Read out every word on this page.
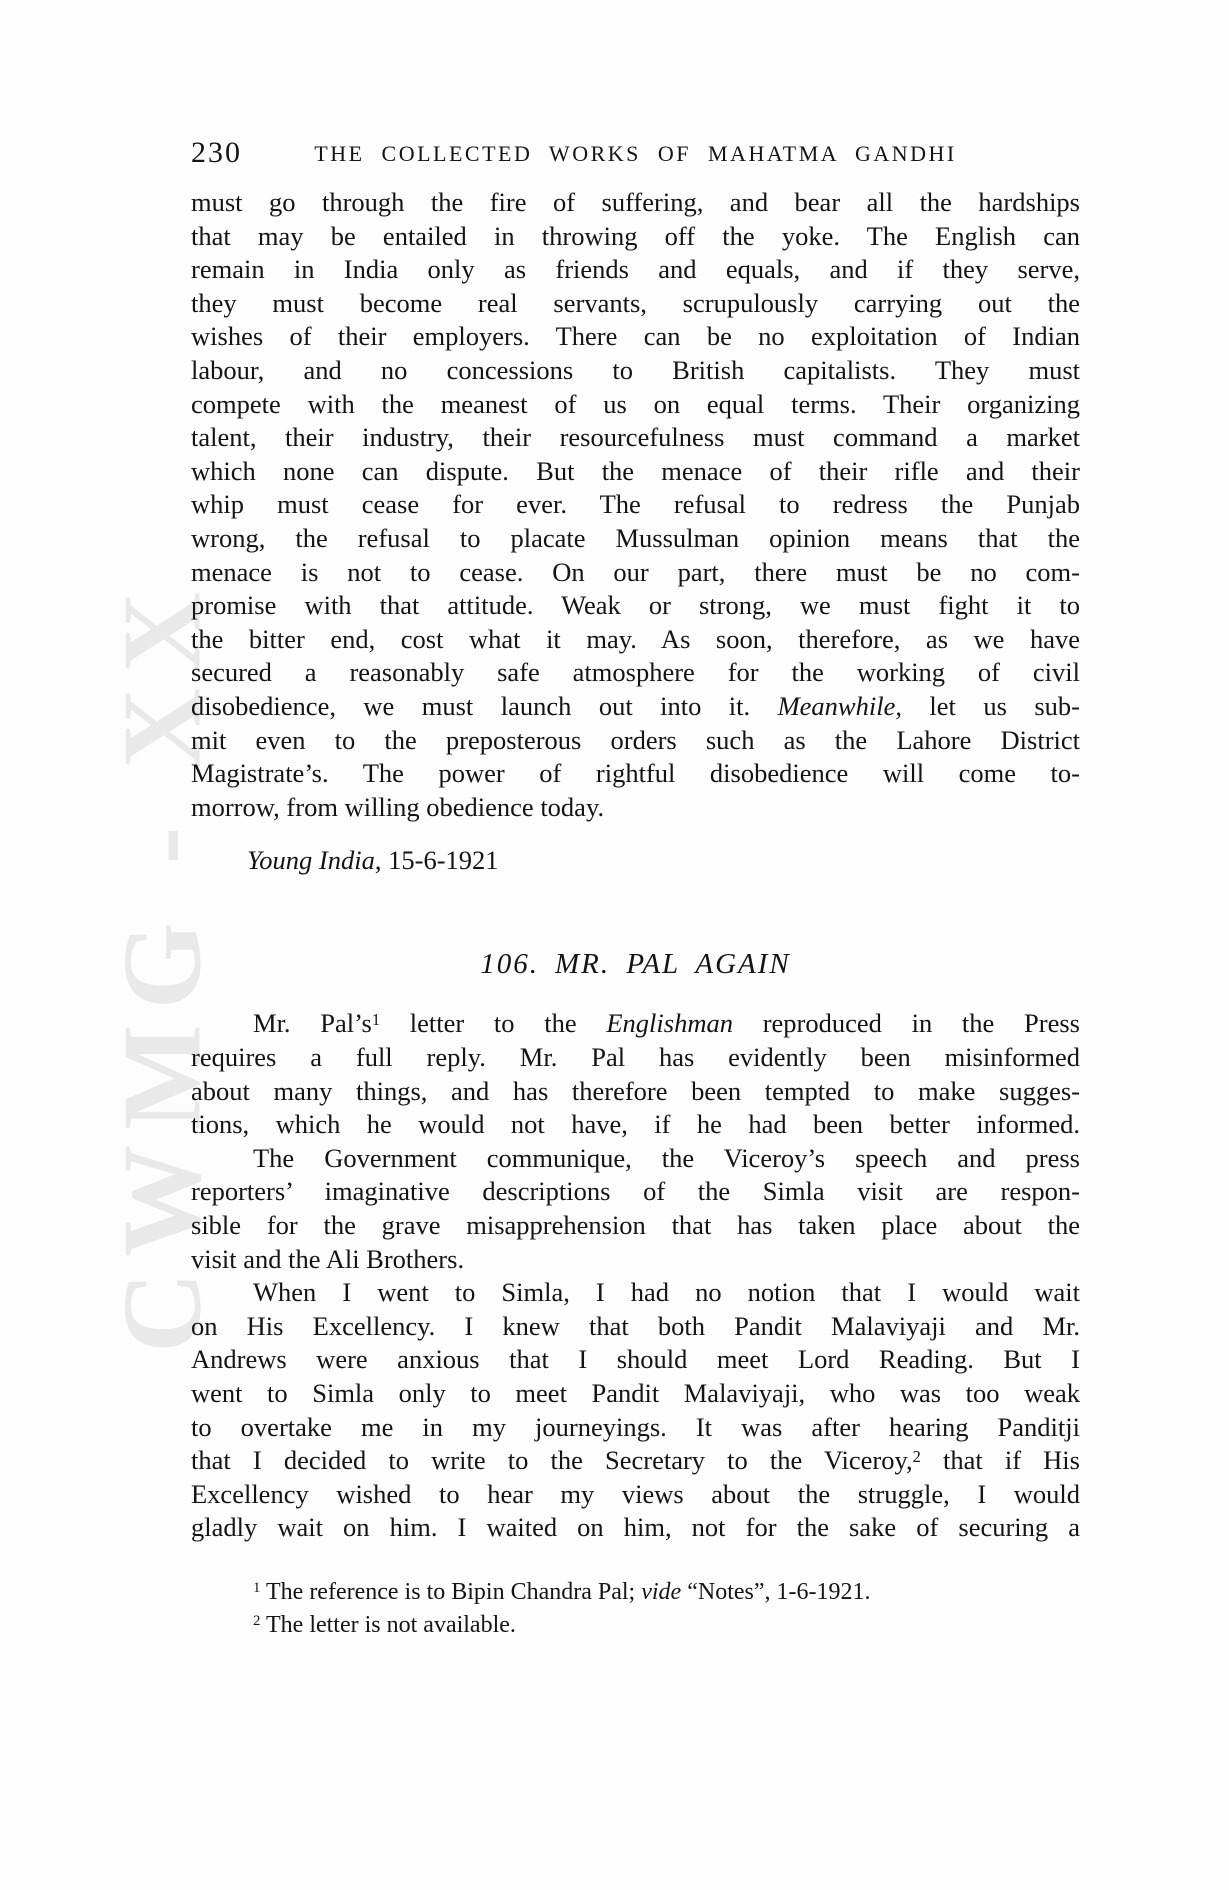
CWMG - XX
230	THE COLLECTED WORKS OF MAHATMA GANDHI
must go through the fire of suffering, and bear all the hardships
that may be entailed in throwing off the yoke. The English can
remain in India only as friends and equals, and if they serve,
they must become real servants, scrupulously carrying out the
wishes of their employers. There can be no exploitation of Indian
labour, and no concessions to British capitalists. They must
compete with the meanest of us on equal terms. Their organizing
talent, their industry, their resourcefulness must command a market
which none can dispute. But the menace of their rifle and their
whip must cease for ever. The refusal to redress the Punjab
wrong, the refusal to placate Mussulman opinion means that the
menace is not to cease. On our part, there must be no com-
promise with that attitude. Weak or strong, we must fight it to
the bitter end, cost what it may. As soon, therefore, as we have
secured a reasonably safe atmosphere for the working of civil
disobedience, we must launch out into it. Meanwhile, let us sub-
mit even to the preposterous orders such as the Lahore District
Magistrate’s. The power of rightful disobedience will come to-
morrow, from willing obedience today.
Young India, 15-6-1921
106. MR. PAL AGAIN
Mr. $Pal’s^1$ letter to the Englishman reproduced in the Press
requires a full reply. Mr. Pal has evidently been misinformed
about many things, and has therefore been tempted to make sugges-
tions, which he would not have, if he had been better informed.
The Government communique, the Viceroy’s speech and press
reporters’ imaginative descriptions of the Simla visit are respon-
sible for the grave misapprehension that has taken place about the
visit and the Ali Brothers.
When I went to Simla, I had no notion that I would wait
on His Excellency. I knew that both Pandit Malaviyaji and Mr.
Andrews were anxious that I should meet Lord Reading. But I
went to Simla only to meet Pandit Malaviyaji, who was too weak
to overtake me in my journeyings. It was after hearing Panditji
that I decided to write to the Secretary to the Viceroy,$^2$ that if His
Excellency wished to hear my views about the struggle, I would
gladly wait on him. I waited on him, not for the sake of securing a
$^1$ The reference is to Bipin Chandra Pal; vide “Notes”, 1-6-1921.
$^2$ The letter is not available.
